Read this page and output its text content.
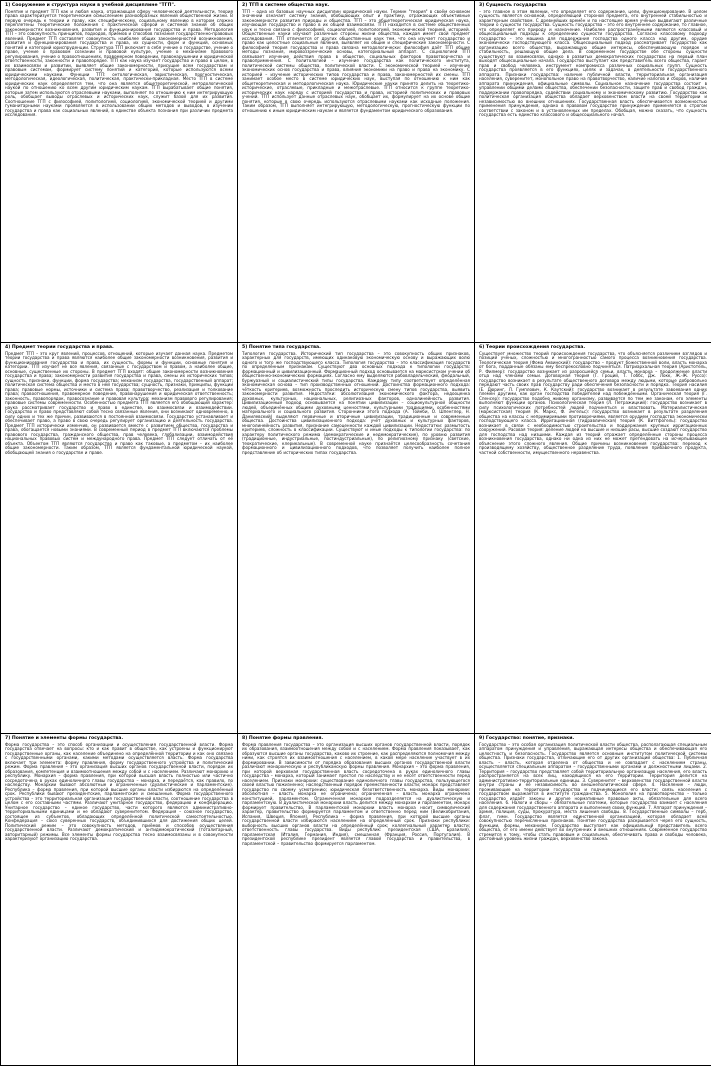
1) Сооружение и структура науки в учебной дисциплине "ТГП".

Понятие и предмет ТГП как и любая наука, отражающая сферу человеческой деятельности, теория права характеризуется теоретическим осмыслением разнообразных явлений общественной жизни. В первую очередь к теории и праву, как специфическому, социальному явлению в котором сложно переплетены теоретические положения с практической сферой и системой знаний об общих закономерностях возникновения, развития и функционирования государства и права. Методология ТГП – это совокупность принципов, подходов, приёмов и способов познания государственно-правовых явлений. Предмет ТГП составляет совокупность наиболее общих закономерностей возникновения, развития и функционирования государства и права, их сущности, форм и функций, основных понятий и категорий юриспруденции. Структура ТГП включает в себя учение о государстве, учение о праве, учение о правовом сознании и правовой культуре, учение о механизме правового регулирования, учение о правоотношениях, правомерном поведении, правонарушении и юридической ответственности, законности и правопорядке. ТГП как наука изучает государство и право в целом, в их взаимосвязи и развитии, выявляет общие закономерности, присущие всем государствам и правовым системам, формирует систему понятий и категорий, которые используются всеми юридическими науками. Функции ТГП: онтологическая, эвристическая, прогностическая, методологическая, идеологическая, политическая, практически-прикладная. Место ТГП в системе юридических наук определяется тем, что она является общетеоретической, методологической наукой по отношению ко всем другим юридическим наукам. ТГП вырабатывает общие понятия, которые затем используются отраслевыми науками, выполняет по отношению к ним интегрирующую роль, обобщает выводы отраслевых и исторических наук, служит базой для их развития. Соотношение ТГП с философией, политологией, социологией, экономической теорией и другими гуманитарными науками проявляется в использовании общих методов и выводов, в изучении государства и права как социальных явлений, в единстве объекта познания при различии предмета исследования.

2) ТГП в системе общества наук.

ТГП – одна из базовых научных дисциплин юридической науки. Термин "теория" в своём основном значении означает систему знаний, обобщающих опыт и практику, отражающих объективные закономерности развития природы и общества. ТГП – это общетеоретическая юридическая наука, изучающая государство и право в их общей взаимосвязи. ТГП находится в системе общественных наук и тесно связана с философией, социологией, политологией, экономической теорией, историей. Общественные науки изучают различные стороны жизни общества, каждая имеет свой предмет исследования. ТГП отличается от других общественных наук тем, что она изучает государство и право как целостные социальные явления, выявляет их общие и специфические закономерности. С философией теория государства и права связана методологически: философия даёт ТГП общие методы познания, мировоззренческие основы, категориальный аппарат. С социологией ТГП связывает изучение действия права в обществе, социальных факторов правотворчества и правоприменения. С политологией – изучение государства как политического института, политической системы общества, политической власти. С экономической теорией – изучение экономических основ государства и права, влияния экономики на право и права на экономику. С историей – изучение исторических типов государства и права, закономерностей их смены. ТГП занимает особое место в системе юридических наук, выступая по отношению к ним как общетеоретическая и методологическая наука. Юридические науки принято делить на теоретико-исторические, отраслевые, прикладные и межотраслевые. ТГП относится к группе теоретико-исторических наук наряду с историей государства и права, историей политических и правовых учений. ТГП использует данные отраслевых наук, обобщает их, формулирует на их основе общие понятия, которые в свою очередь используются отраслевыми науками как исходные положения. Таким образом, ТГП выполняет интегрирующую, методологическую, прогностическую функции по отношению к иным юридическим наукам и является фундаментом юридического образования.

3) Сущность государства

– это главное в этом явлении, что определяет его содержание, цели, функционирование. В целом сущность является основной, определяющей стороной предмета, его внутренней стабильностью и характерным свойством. С древнейших времён и по настоящее время учёные выдвигают различные теории о сущности государства. Сущность государства – это его внутреннее содержание, то главное, что определяет его природу и назначение. Наиболее распространёнными являются классовый и общесоциальный подходы к определению сущности государства. Согласно классовому подходу государство – это машина для поддержания господства одного класса над другим, орудие экономически господствующего класса. Общесоциальный подход рассматривает государство как организацию всего общества, выражающую общие интересы, обеспечивающую порядок и стабильность, решающую общие дела. В современном государстве обе стороны сущности существуют во взаимосвязи, однако в развитых демократических государствах на первый план выходят общесоциальные начала. Государство выступает как представитель всего общества, гарант прав и свобод человека, инструмент компромисса различных социальных групп. Сущность государства проявляется в его функциях, целях и задачах, в деятельности государственного аппарата. Признаки государства: наличие публичной власти, территориальная организация населения, суверенитет, монопольное право на правотворчество, наличие налогов и сборов, наличие аппарата принуждения, официальные символы. Социальное назначение государства состоит в управлении общими делами общества, обеспечении безопасности, защите прав и свобод граждан, поддержании правопорядка, содействии социальному и экономическому развитию. Государство как политическая организация общества обладает верховенством власти на своей территории и независимостью во внешних отношениях. Государственная власть обеспечивается возможностью применения принуждения, однако в правовом государстве принуждение применяется в строгом соответствии с законом и в установленных им пределах. Обобщая, можно сказать, что сущность государства есть единство классового и общесоциального начал.

4) Предмет теории государства и права.

Предмет ТГП – это круг явлений, процессов, отношений, которые изучает данная наука. Предметом теории государства и права являются наиболее общие закономерности возникновения, развития и функционирования государства и права, их сущность, формы и функции, основные понятия и категории. ТГП изучает не все явления, связанные с государством и правом, а наиболее общие, основные, существенные их стороны. В предмет ТГП входят: общие закономерности возникновения государства и права; закономерности развития государства и права, смены их исторических типов; сущность, признаки, функции, форма государства; механизм государства, государственный аппарат; политическая система общества и место в ней государства; сущность, признаки, принципы, функции права; правовые нормы, источники и система права; правотворчество, реализация и толкование права; правоотношения, правомерное поведение, правонарушения и юридическая ответственность; законность, правопорядок, правосознание и правовая культура; механизм правового регулирования; правовые системы современности. Особенностью предмета ТГП является его обобщающий характер: наука рассматривает государство и право в единстве, во взаимосвязи и взаимодействии. Государство и право представляют собой тесно связанные явления, они возникают одновременно, в силу одних и тех же причин, развиваются в постоянной взаимосвязи. Государство устанавливает и обеспечивает право, а право в свою очередь регулирует организацию и деятельность государства. Предмет ТГП исторически изменчив, он развивается вместе с развитием общества, государства и права, обогащается новыми знаниями. В современный период в предмет ТГП включаются проблемы правового государства, гражданского общества, прав человека, глобализации, взаимодействия национальных правовых систем и международного права. Предмет ТГП следует отличать от её объекта. Объектом ТГП являются государство и право как таковые, а предметом – их наиболее общие закономерности. Таким образом, ТГП является фундаментальной юридической наукой, обобщающей знания о государстве и праве.

5) Понятие типа государства.

Типология государства. Исторический тип государства – это совокупность общих признаков, характерных для государств, имеющих одинаковую экономическую основу и выражающих волю одного и того же господствующего класса. Типология государства – это классификация государств по определённым признакам. Существуют два основных подхода к типологии государств: формационный и цивилизационный. Формационный подход основывается на марксистском учении об общественно-экономических формациях. Согласно ему выделяются рабовладельческий, феодальный, буржуазный и социалистический типы государства. Каждому типу соответствует определённая экономическая основа – тип производственных отношений. Достоинства формационного подхода: чёткость критериев, возможность проследить историческую смену типов государства, выявить закономерности развития. Недостатки: абсолютизация экономического фактора, недооценка духовных, культурных, национальных, религиозных факторов, однолинейность развития. Цивилизационный подход основывается на понятии цивилизации – социокультурной общности людей, объединённых общими духовными ценностями, культурными традициями, особенностями материального и социального развития. Сторонники этого подхода (А. Тойнби, О. Шпенглер, Н. Данилевский) выделяют первичные и вторичные цивилизации, традиционные и современные общества. Достоинства цивилизационного подхода: учёт духовных и культурных факторов, многолинейность развития, признание самоценности каждой цивилизации. Недостатки: размытость критериев, сложность в классификации. Существуют и иные подходы к типологии государства: по характеру политического режима (демократические и недемократические), по уровню развития (традиционные, индустриальные, постиндустриальные), по религиозному признаку (светские, теократические, клерикальные). В современной науке признаётся целесообразность сочетания формационного и цивилизационного подходов, что позволяет получить наиболее полное представление об исторических типах государства.

6) Теории происхождения государства.

Существует множество теорий происхождения государства, что объясняется различием взглядов и позиций учёных, сложностью и многогранностью самого процесса возникновения государства. Теологическая теория (Фома Аквинский): государство – продукт божественной воли, власть монарха от бога, подданные обязаны ему беспрекословно подчиняться. Патриархальная теория (Аристотель, Р. Филмер): государство возникает из разросшейся семьи, власть монарха – продолжение власти отца над членами семьи. Договорная теория (Г. Гроций, Т. Гоббс, Дж. Локк, Ж.-Ж. Руссо): государство возникает в результате общественного договора между людьми, которые добровольно передают часть своих прав государству ради обеспечения безопасности и порядка. Теория насилия (Е. Дюринг, Л. Гумплович, К. Каутский): государство возникает в результате завоевания одних племён другими, как орган господства победителей над побеждёнными. Органическая теория (Г. Спенсер): государство подобно живому организму, развивается по тем же законам, его элементы выполняют функции органов. Психологическая теория (Л. Петражицкий): государство возникает в силу психологических потребностей людей подчиняться и властвовать. Материалистическая (марксистская) теория (К. Маркс, Ф. Энгельс): государство возникает в результате разделения общества на классы с непримиримыми противоречиями, является орудием господства экономически господствующего класса. Ирригационная (гидравлическая) теория (К. Виттфогель): государство возникает в связи с необходимостью строительства и поддержания крупных ирригационных сооружений. Расовая теория: деление людей на высшие и низшие расы, высшие создают государство для господства над низшими. Каждая из теорий отражает определённые стороны процесса возникновения государства, однако ни одна из них не может претендовать на исчерпывающее объяснение этого сложного явления. Общие причины возникновения государства: переход к производящему хозяйству, общественное разделение труда, появление прибавочного продукта, частной собственности, имущественного неравенства.

7) Понятие и элементы формы государства.

Форма государства – это способ организации и осуществления государственной власти. Форма государства отвечает на вопросы: кто и как правит в обществе, как устроены и функционируют государственные органы, как население объединено на определённой территории и как оно связано с государственными органами, какими методами осуществляется власть. Форма государства включает три элемента: форму правления, форму государственного устройства и политический режим. Форма правления – это организация высших органов государственной власти, порядок их образования, компетенция и взаимоотношения между собой и с населением. Различают монархию и республику. Монархия – форма правления, при которой высшая власть полностью или частично сосредоточена в руках единоличного главы государства – монарха, и передаётся, как правило, по наследству. Монархии бывают абсолютные и ограниченные (дуалистические и парламентские). Республика – форма правления, при которой высшие органы власти избираются на определённый срок. Республики бывают президентские, парламентские и смешанные. Форма государственного устройства – это территориальная организация государственной власти, соотношение государства в целом с его составными частями. Различают унитарное государство, федерацию и конфедерацию. Унитарное государство – единое государство, части которого являются административно-территориальными единицами и не обладают суверенитетом. Федерация – союзное государство, состоящее из субъектов, обладающих определённой политической самостоятельностью. Конфедерация – союз суверенных государств, объединившихся для достижения общих целей. Политический режим – это совокупность методов, приёмов и способов осуществления государственной власти. Различают демократический и антидемократический (тоталитарный, авторитарный) режимы. Все элементы формы государства тесно взаимосвязаны и в совокупности характеризуют организацию государства.

8) Понятие формы правления.

Форма правления государства – это организация высших органов государственной власти, порядок их образования, взаимоотношения между собой и с населением. Форма правления показывает, как образуются высшие органы государства, каково их строение, как распределяются полномочия между ними, как строятся их взаимоотношения с населением, в какой мере население участвует в их формировании. В зависимости от порядка образования высших органов государственной власти различают монархическую и республиканскую формы правления. Монархия – это форма правления, при которой верховная государственная власть сосредоточена в руках единоличного главы государства – монарха, который занимает престол по наследству и не несёт ответственности перед населением. Признаки монархии: существование единоличного главы государства, пользующегося своей властью пожизненно; наследственный порядок преемственности власти; монарх представляет государство по своему усмотрению; юридическая безответственность монарха. Виды монархии: абсолютная – власть монарха не ограничена; ограниченная – власть монарха ограничена конституцией, парламентом. Ограниченная монархия подразделяется на дуалистическую и парламентскую. В дуалистической монархии власть делится между монархом и парламентом, монарх формирует правительство. В парламентской монархии власть монарха носит символический характер, правительство формируется парламентом и ответственно перед ним (Великобритания, Испания, Швеция, Япония). Республика – форма правления, при которой высшие органы государственной власти избираются населением на определённый срок. Признаки республики: выборность высших органов власти на определённый срок; коллегиальный характер власти; ответственность главы государства. Виды республик: президентская (США, Бразилия), парламентская (Италия, Германия, Индия), смешанная (Франция, Россия, Португалия). В президентской республике президент является главой государства и правительства, в парламентской – правительство формируется парламентом.

9) Государство: понятие, признаки.

Государство – это особая организация политической власти общества, располагающая специальным аппаратом принуждения и управления, выражающая интересы общества и обеспечивающая его целостность и безопасность. Государство является основным институтом политической системы общества. Признаки государства, отличающие его от других организаций общества: 1. Публичная власть – власть, которая отделена от общества и не совпадает с населением страны, осуществляется специальным аппаратом – государственными органами и должностными лицами. 2. Территория – государство представляет собой территориальную организацию населения, его власть распространяется на всех лиц, находящихся на его территории. Территория делится на административно-территориальные единицы. 3. Суверенитет – верховенство государственной власти внутри страны и её независимость во внешнеполитической сфере. 4. Население – люди, проживающие на территории государства и подчиняющиеся его власти; связь населения с государством выражается в институте гражданства. 5. Монополия на правотворчество – только государство издаёт законы и другие нормативные правовые акты, обязательные для всего населения. 6. Налоги и сборы – обязательные платежи, которые государство взимает с населения для содержания государственного аппарата и выполнения своих функций. 7. Аппарат принуждения – армия, полиция, суды, прокуратура, места лишения свободы. 8. Государственные символы – герб, флаг, гимн. Государство является единственной организацией, которая обладает всей совокупностью перечисленных признаков. Понятие государства раскрывается через его сущность, функции, формы, механизм. Государство выступает как официальный представитель всего общества, от его имени действует во внутренних и внешних отношениях. Современное государство стремится к тому, чтобы стать правовым и социальным, обеспечивать права и свободы человека, достойный уровень жизни граждан, верховенство закона.
